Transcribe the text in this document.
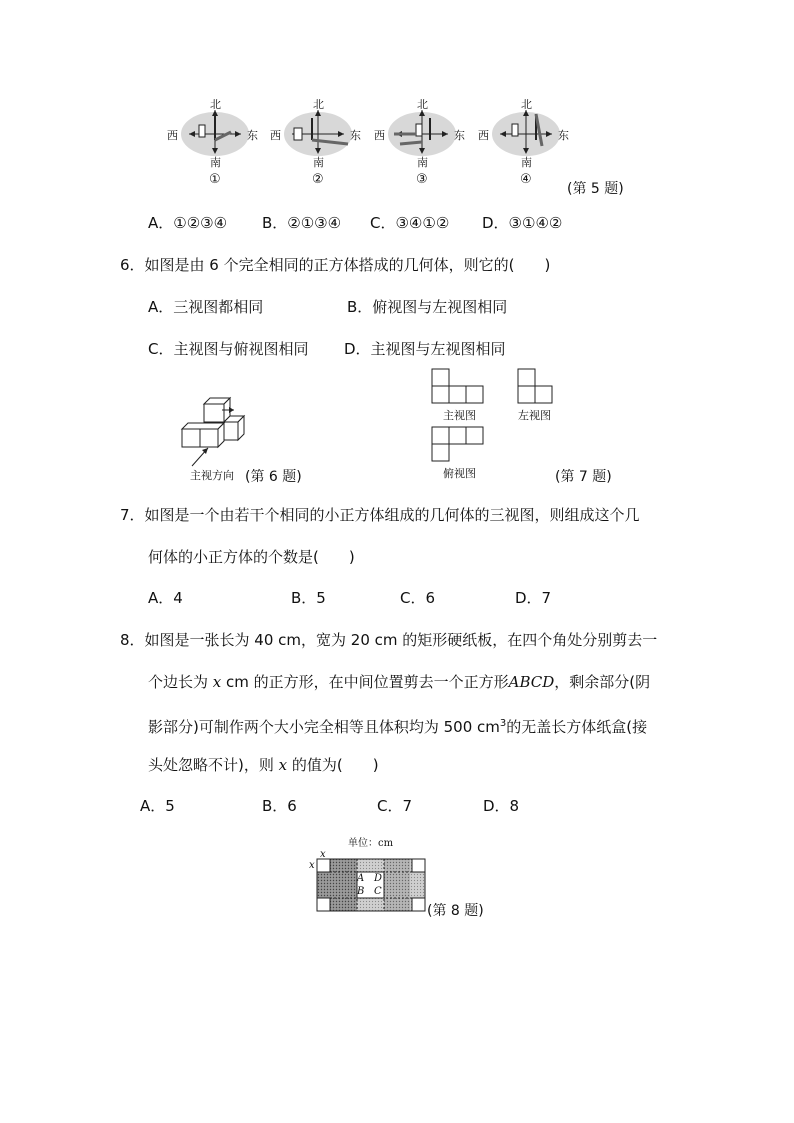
北
西	东
南
①
北
西	东
南
②
北
西	东
南
③
北
西	东
南
④
(第 5 题)
A．①②③④ B．②①③④ C．③④①② D．③①④②
6．如图是由 6 个完全相同的正方体搭成的几何体，则它的(　　)
A．三视图都相同	B．俯视图与左视图相同
C．主视图与俯视图相同 D．主视图与左视图相同
主视方向 (第 6 题)
主视图	左视图
俯视图	(第 7 题)
7．如图是一个由若干个相同的小正方体组成的几何体的三视图，则组成这个几
何体的小正方体的个数是(　　)
A．4	B．5	C．6	D．7
8．如图是一张长为 40 cm，宽为 20 cm 的矩形硬纸板，在四个角处分别剪去一
个边长为 x cm 的正方形，在中间位置剪去一个正方形ABCD，剩余部分(阴
影部分)可制作两个大小完全相等且体积均为 500 $cm^3$的无盖长方体纸盒(接
头处忽略不计)，则 x 的值为(　　)
A．5	B．6	C．7	D．8
单位：cm
x
x
A D
B C
(第 8 题)
